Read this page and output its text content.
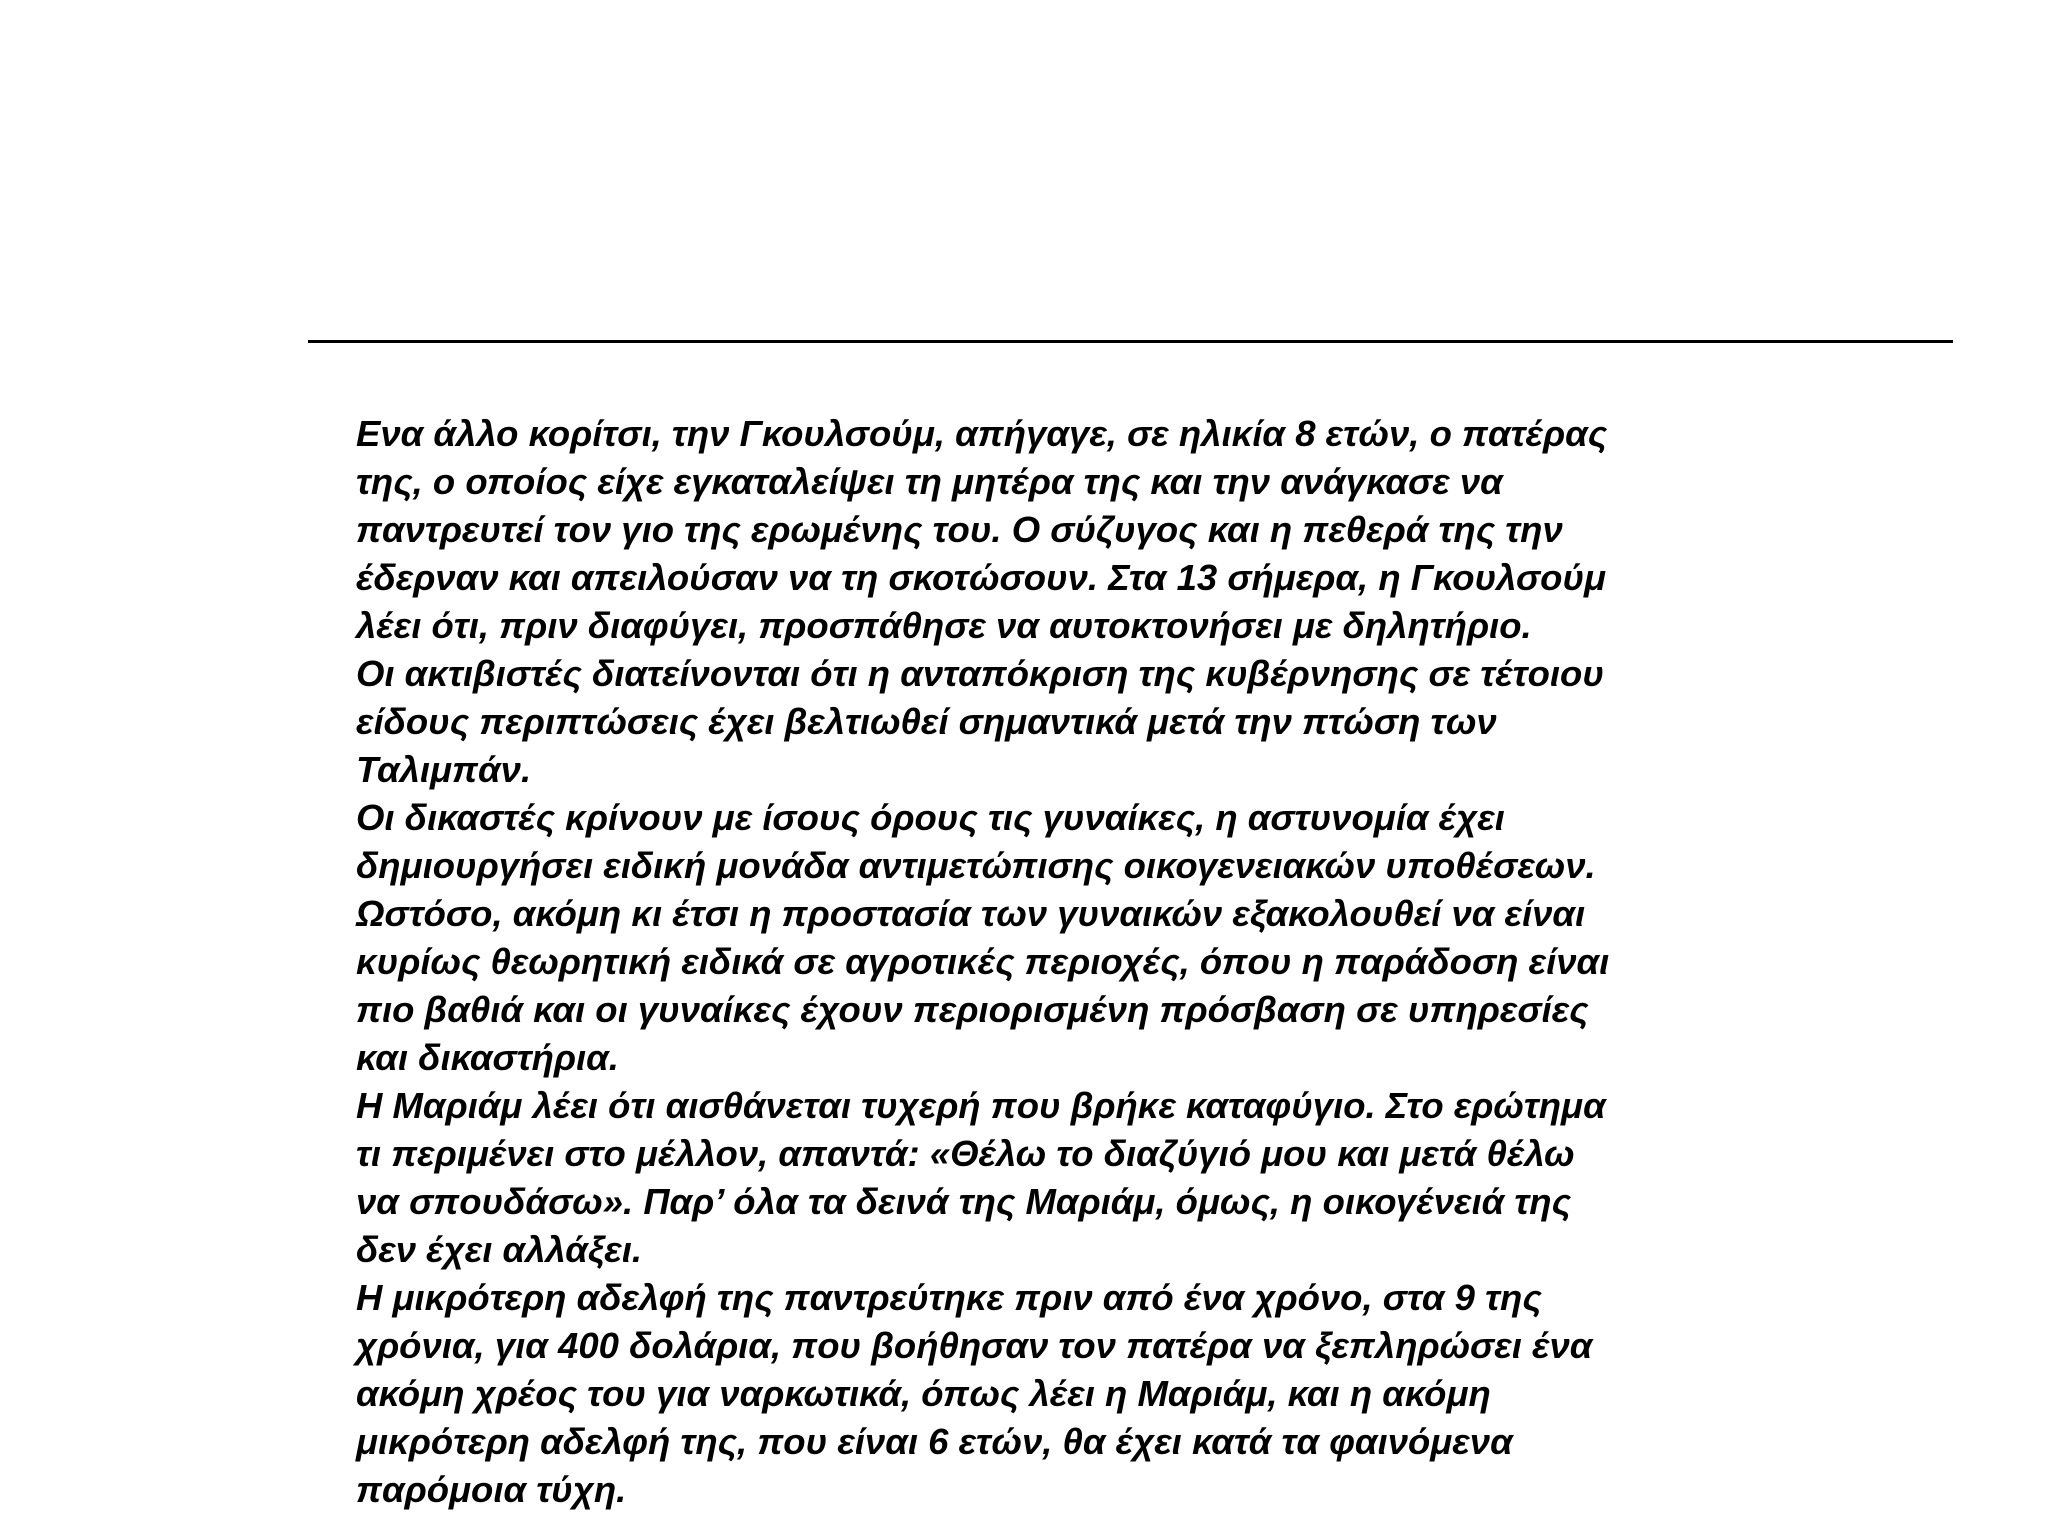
Ενα άλλο κορίτσι, την Γκουλσούμ, απήγαγε, σε ηλικία 8 ετών, ο πατέρας
της, ο οποίος είχε εγκαταλείψει τη μητέρα της και την ανάγκασε να
παντρευτεί τον γιο της ερωμένης του. Ο σύζυγος και η πεθερά της την
έδερναν και απειλούσαν να τη σκοτώσουν. Στα 13 σήμερα, η Γκουλσούμ
λέει ότι, πριν διαφύγει, προσπάθησε να αυτοκτονήσει με δηλητήριο.
Οι ακτιβιστές διατείνονται ότι η ανταπόκριση της κυβέρνησης σε τέτοιου
είδους περιπτώσεις έχει βελτιωθεί σημαντικά μετά την πτώση των
Ταλιμπάν.
Οι δικαστές κρίνουν με ίσους όρους τις γυναίκες, η αστυνομία έχει
δημιουργήσει ειδική μονάδα αντιμετώπισης οικογενειακών υποθέσεων.
Ωστόσο, ακόμη κι έτσι η προστασία των γυναικών εξακολουθεί να είναι
κυρίως θεωρητική ειδικά σε αγροτικές περιοχές, όπου η παράδοση είναι
πιο βαθιά και οι γυναίκες έχουν περιορισμένη πρόσβαση σε υπηρεσίες
και δικαστήρια.
Η Μαριάμ λέει ότι αισθάνεται τυχερή που βρήκε καταφύγιο. Στο ερώτημα
τι περιμένει στο μέλλον, απαντά: «Θέλω το διαζύγιό μου και μετά θέλω
να σπουδάσω». Παρ’ όλα τα δεινά της Μαριάμ, όμως, η οικογένειά της
δεν έχει αλλάξει.
Η μικρότερη αδελφή της παντρεύτηκε πριν από ένα χρόνο, στα 9 της
χρόνια, για 400 δολάρια, που βοήθησαν τον πατέρα να ξεπληρώσει ένα
ακόμη χρέος του για ναρκωτικά, όπως λέει η Μαριάμ, και η ακόμη
μικρότερη αδελφή της, που είναι 6 ετών, θα έχει κατά τα φαινόμενα
παρόμοια τύχη.
